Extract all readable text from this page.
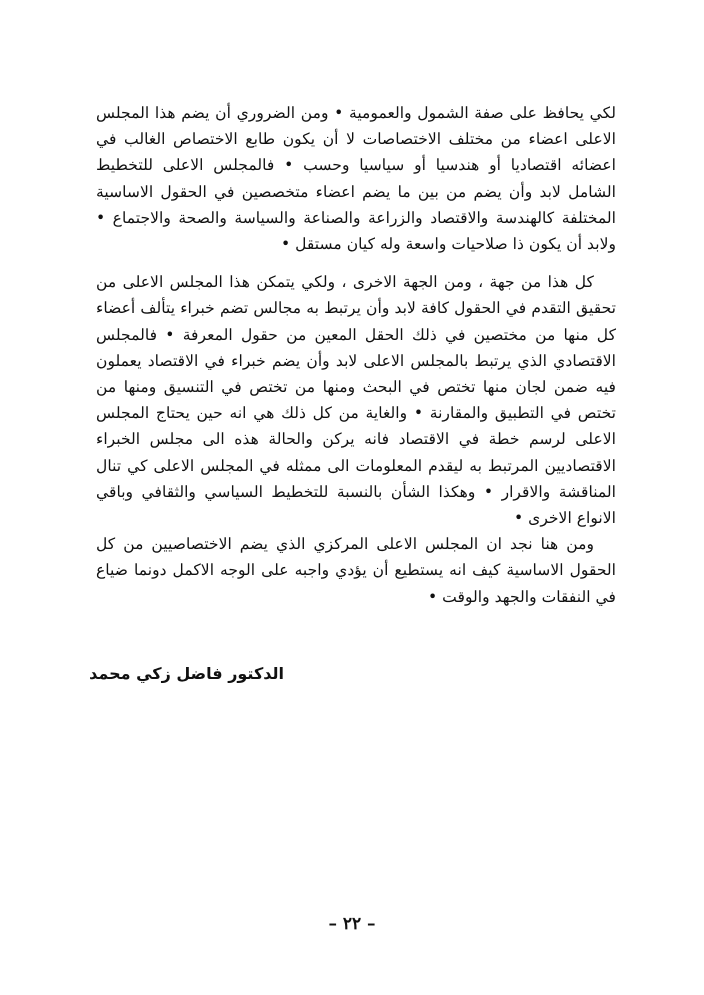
لكي يحافظ على صفة الشمول والعمومية • ومن الضروري أن يضم هذا المجلس الاعلى اعضاء من مختلف الاختصاصات لا أن يكون طابع الاختصاص الغالب في اعضائه اقتصاديا أو هندسيا أو سياسيا وحسب • فالمجلس الاعلى للتخطيط الشامل لابد وأن يضم من بين ما يضم اعضاء متخصصين في الحقول الاساسية المختلفة كالهندسة والاقتصاد والزراعة والصناعة والسياسة والصحة والاجتماع • ولابد أن يكون ذا صلاحيات واسعة وله كيان مستقل •

كل هذا من جهة ، ومن الجهة الاخرى ، ولكي يتمكن هذا المجلس الاعلى من تحقيق التقدم في الحقول كافة لابد وأن يرتبط به مجالس تضم خبراء يتألف أعضاء كل منها من مختصين في ذلك الحقل المعين من حقول المعرفة • فالمجلس الاقتصادي الذي يرتبط بالمجلس الاعلى لابد وأن يضم خبراء في الاقتصاد يعملون فيه ضمن لجان منها تختص في البحث ومنها من تختص في التنسيق ومنها من تختص في التطبيق والمقارنة • والغاية من كل ذلك هي انه حين يحتاج المجلس الاعلى لرسم خطة في الاقتصاد فانه يركن والحالة هذه الى مجلس الخبراء الاقتصاديين المرتبط به ليقدم المعلومات الى ممثله في المجلس الاعلى كي تنال المناقشة والاقرار • وهكذا الشأن بالنسبة للتخطيط السياسي والثقافي وباقي الانواع الاخرى •

ومن هنا نجد ان المجلس الاعلى المركزي الذي يضم الاختصاصيين من كل الحقول الاساسية كيف انه يستطيع أن يؤدي واجبه على الوجه الاكمل دونما ضياع في النفقات والجهد والوقت •

الدكتور فاضل زكي محمد
– ٢٢ –
